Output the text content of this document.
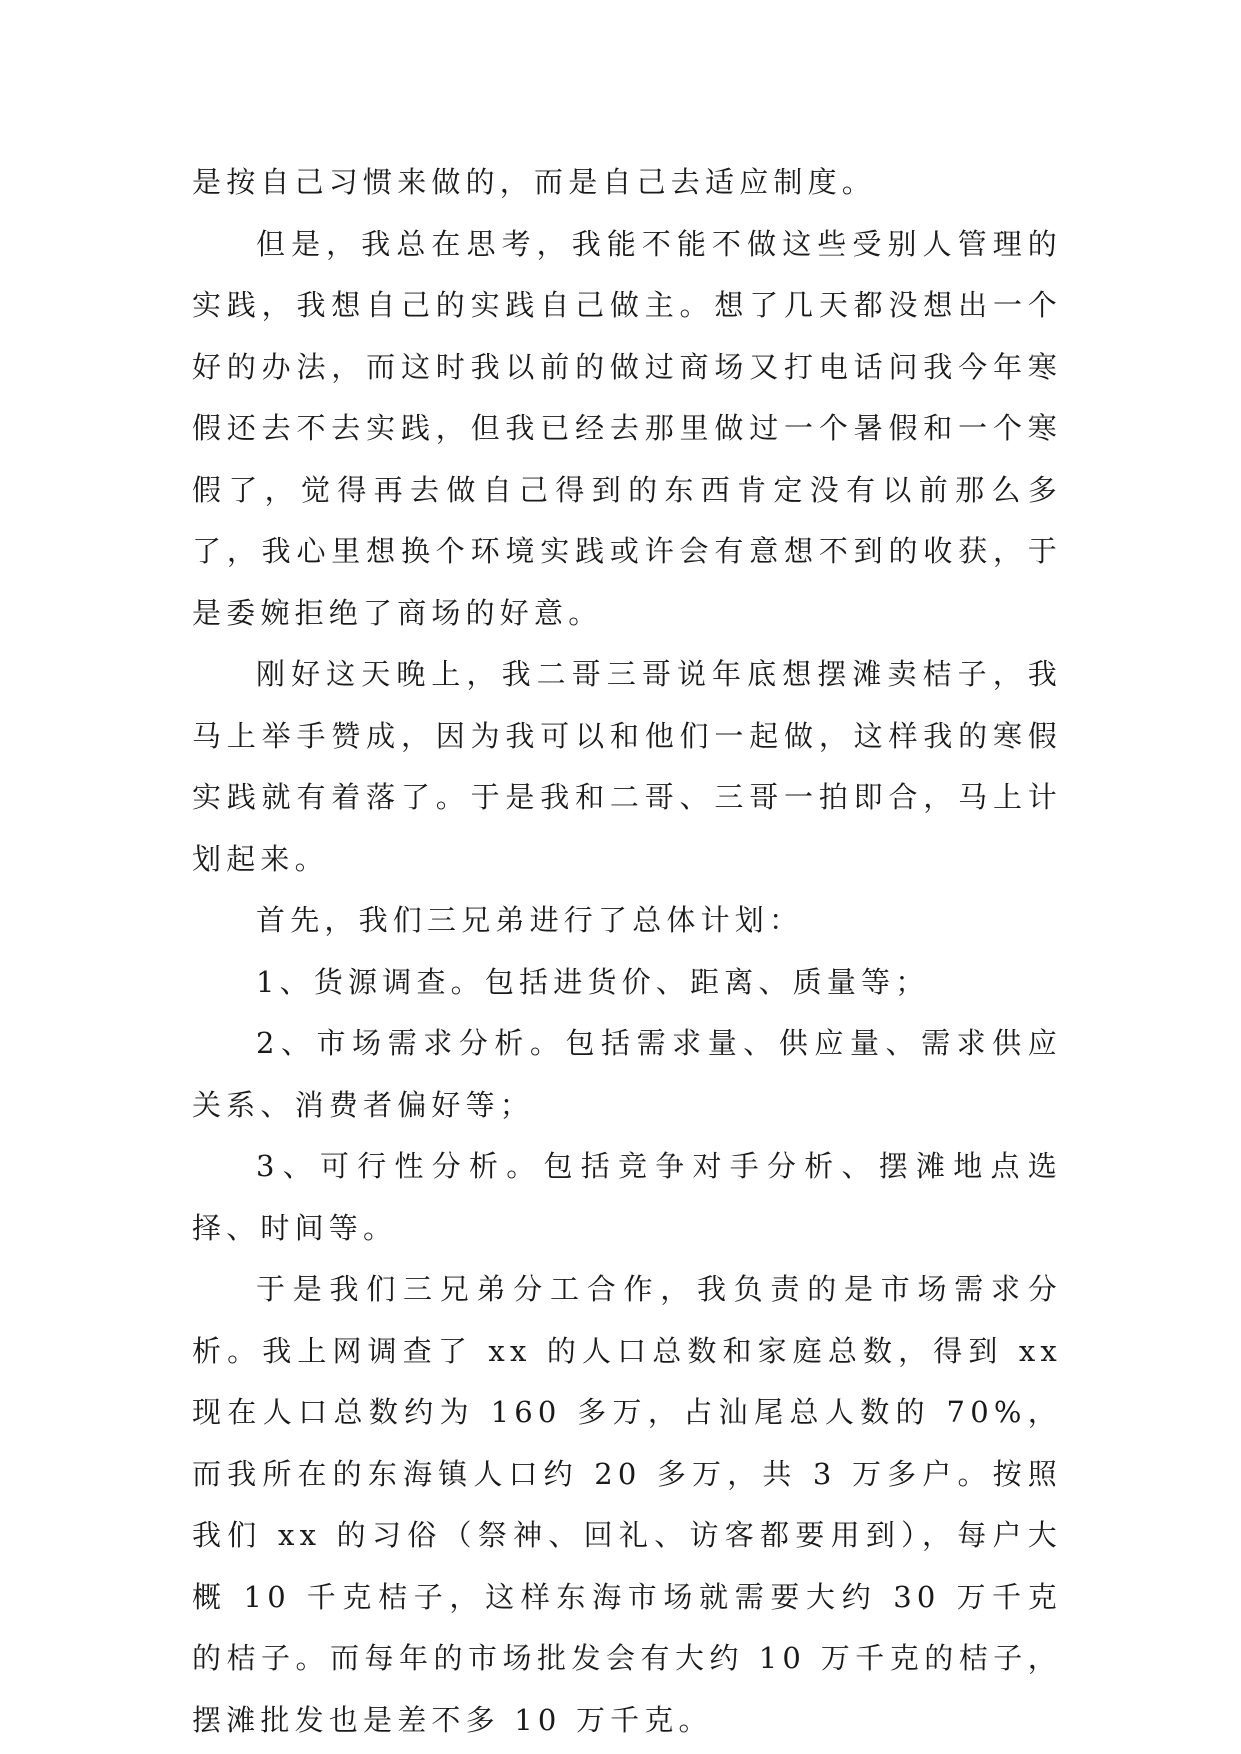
是按自己习惯来做的，而是自己去适应制度。

但是，我总在思考，我能不能不做这些受别人管理的实践，我想自己的实践自己做主。想了几天都没想出一个好的办法，而这时我以前的做过商场又打电话问我今年寒假还去不去实践，但我已经去那里做过一个暑假和一个寒假了，觉得再去做自己得到的东西肯定没有以前那么多了，我心里想换个环境实践或许会有意想不到的收获，于是委婉拒绝了商场的好意。

刚好这天晚上，我二哥三哥说年底想摆滩卖桔子，我马上举手赞成，因为我可以和他们一起做，这样我的寒假实践就有着落了。于是我和二哥、三哥一拍即合，马上计划起来。

首先，我们三兄弟进行了总体计划：

1、货源调查。包括进货价、距离、质量等；

2、市场需求分析。包括需求量、供应量、需求供应关系、消费者偏好等；

3、可行性分析。包括竞争对手分析、摆滩地点选择、时间等。

于是我们三兄弟分工合作，我负责的是市场需求分析。我上网调查了 xx 的人口总数和家庭总数，得到 xx 现在人口总数约为 160 多万，占汕尾总人数的 70%，而我所在的东海镇人口约 20 多万，共 3 万多户。按照我们 xx 的习俗（祭神、回礼、访客都要用到），每户大概 10 千克桔子，这样东海市场就需要大约 30 万千克的桔子。而每年的市场批发会有大约 10 万千克的桔子，摆滩批发也是差不多 10 万千克。
